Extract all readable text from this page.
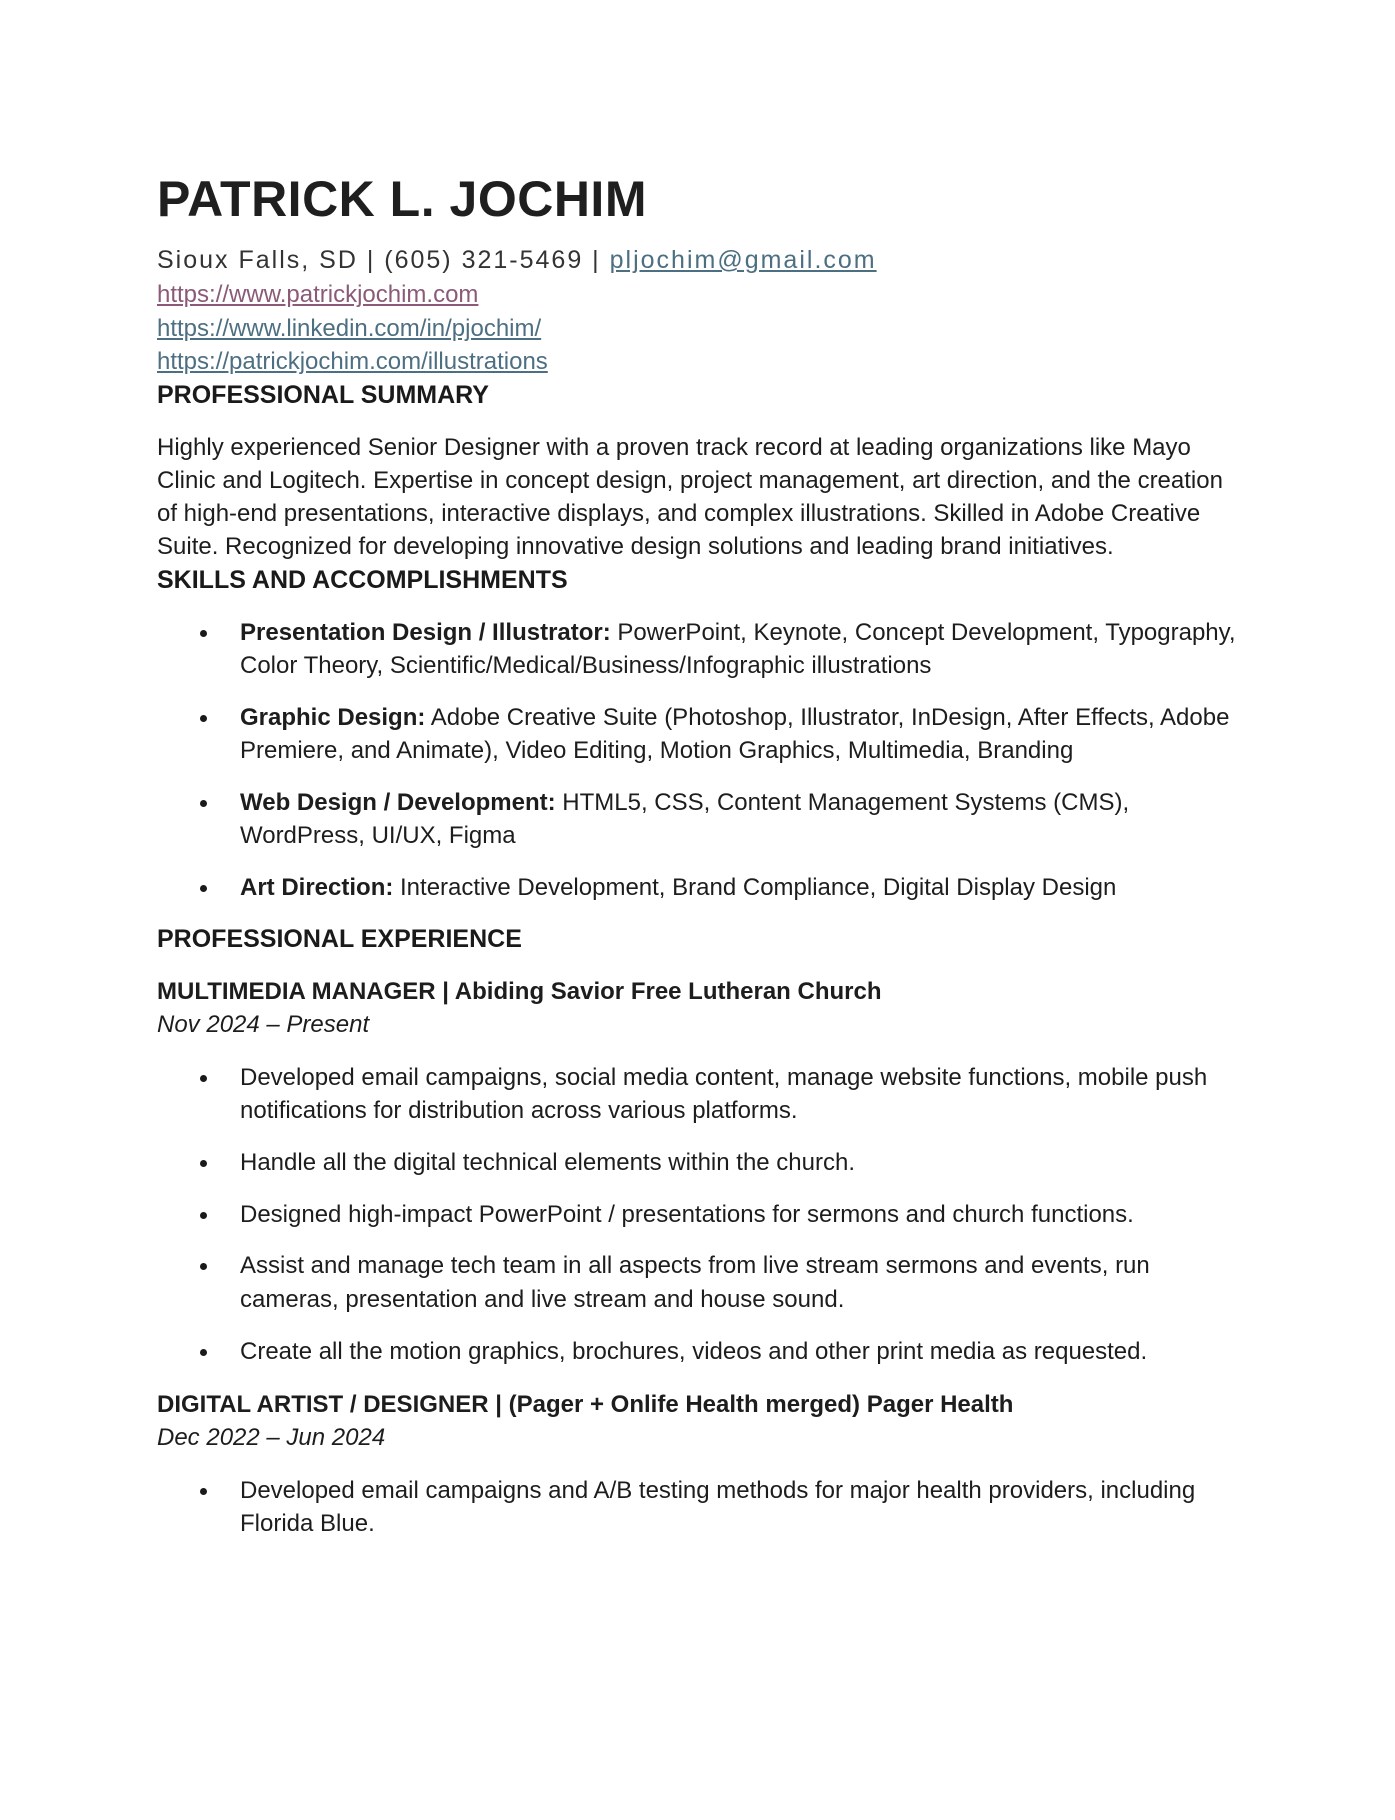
PATRICK L. JOCHIM
Sioux Falls, SD | (605) 321-5469 | pljochim@gmail.com
https://www.patrickjochim.com
https://www.linkedin.com/in/pjochim/
https://patrickjochim.com/illustrations
PROFESSIONAL SUMMARY

Highly experienced Senior Designer with a proven track record at leading organizations like Mayo Clinic and Logitech. Expertise in concept design, project management, art direction, and the creation of high-end presentations, interactive displays, and complex illustrations. Skilled in Adobe Creative Suite. Recognized for developing innovative design solutions and leading brand initiatives.

SKILLS AND ACCOMPLISHMENTS
Presentation Design / Illustrator: PowerPoint, Keynote, Concept Development, Typography, Color Theory, Scientific/Medical/Business/Infographic illustrations
Graphic Design: Adobe Creative Suite (Photoshop, Illustrator, InDesign, After Effects, Adobe Premiere, and Animate), Video Editing, Motion Graphics, Multimedia, Branding
Web Design / Development: HTML5, CSS, Content Management Systems (CMS), WordPress, UI/UX, Figma
Art Direction: Interactive Development, Brand Compliance, Digital Display Design
PROFESSIONAL EXPERIENCE
MULTIMEDIA MANAGER | Abiding Savior Free Lutheran Church
Nov 2024 – Present
Developed email campaigns, social media content, manage website functions, mobile push notifications for distribution across various platforms.
Handle all the digital technical elements within the church.
Designed high-impact PowerPoint / presentations for sermons and church functions.
Assist and manage tech team in all aspects from live stream sermons and events, run cameras, presentation and live stream and house sound.
Create all the motion graphics, brochures, videos and other print media as requested.
DIGITAL ARTIST / DESIGNER | (Pager + Onlife Health merged) Pager Health
Dec 2022 – Jun 2024
Developed email campaigns and A/B testing methods for major health providers, including Florida Blue.
